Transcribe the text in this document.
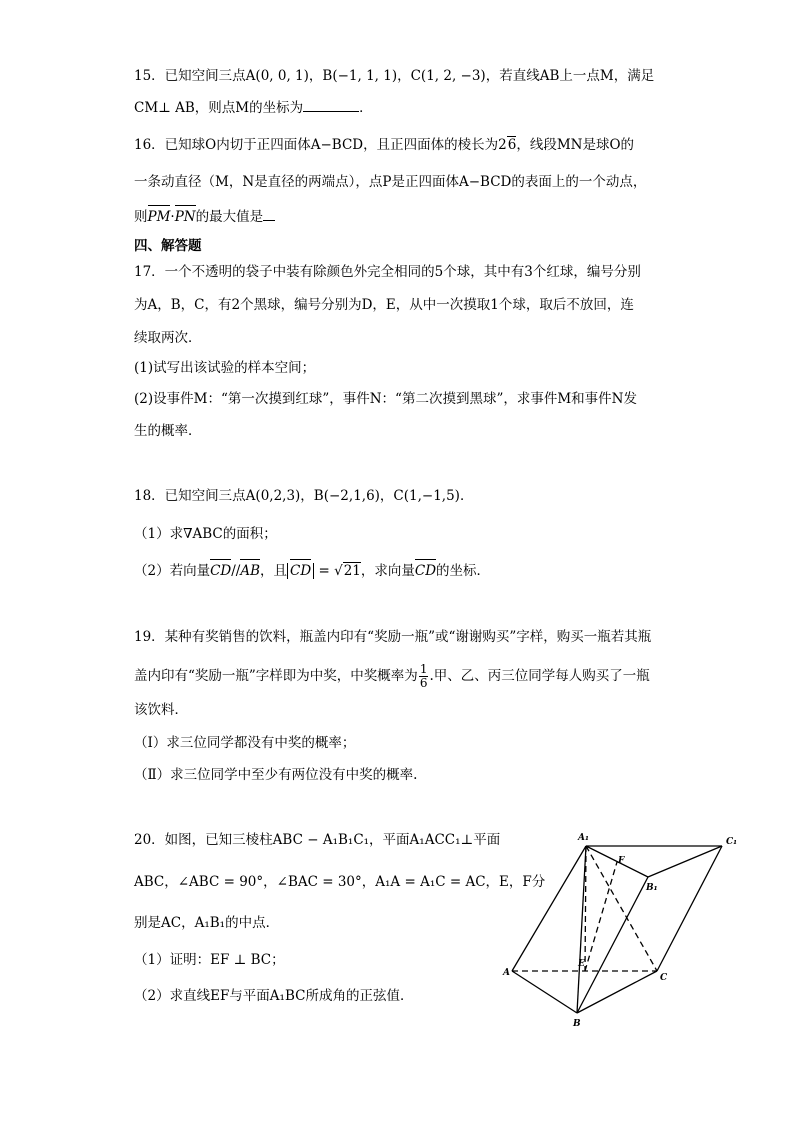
15．已知空间三点A(0, 0, 1)，B(−1, 1, 1)，C(1, 2, −3)，若直线AB上一点M，满足
CM⊥ AB，则点M的坐标为	．
16．已知球O内切于正四面体A−BCD，且正四面体的棱长为26，线段MN是球O的
一条动直径（M，N是直径的两端点），点P是正四面体A−BCD的表面上的一个动点，
则PM·PN的最大值是
四、解答题
17．一个不透明的袋子中装有除颜色外完全相同的5个球，其中有3个红球，编号分别
为A，B，C，有2个黑球，编号分别为D，E，从中一次摸取1个球，取后不放回，连
续取两次．
(1)试写出该试验的样本空间；
(2)设事件M：“第一次摸到红球”，事件N：“第二次摸到黑球”，求事件M和事件N发
生的概率．
18．已知空间三点A(0,2,3)，B(−2,1,6)，C(1,−1,5)．
（1）求∇ABC的面积；
（2）若向量CD//AB，且 CD = √21，求向量CD的坐标．
19．某种有奖销售的饮料，瓶盖内印有“奖励一瓶”或“谢谢购买”字样，购买一瓶若其瓶
盖内印有“奖励一瓶”字样即为中奖，中奖概率为 $\frac{1}{6}$ .甲、乙、丙三位同学每人购买了一瓶
该饮料．
（Ⅰ）求三位同学都没有中奖的概率；
（Ⅱ）求三位同学中至少有两位没有中奖的概率.
20．如图，已知三棱柱ABC − A₁B₁C₁，平面A₁ACC₁⊥平面
ABC，∠ABC = 90°，∠BAC = 30°，A₁A = A₁C = AC，E，F分
别是AC，A₁B₁的中点．
（1）证明：EF ⊥ BC；
（2）求直线EF与平面A₁BC所成角的正弦值．
A₁	C₁
F
B₁
E
A	C
B
